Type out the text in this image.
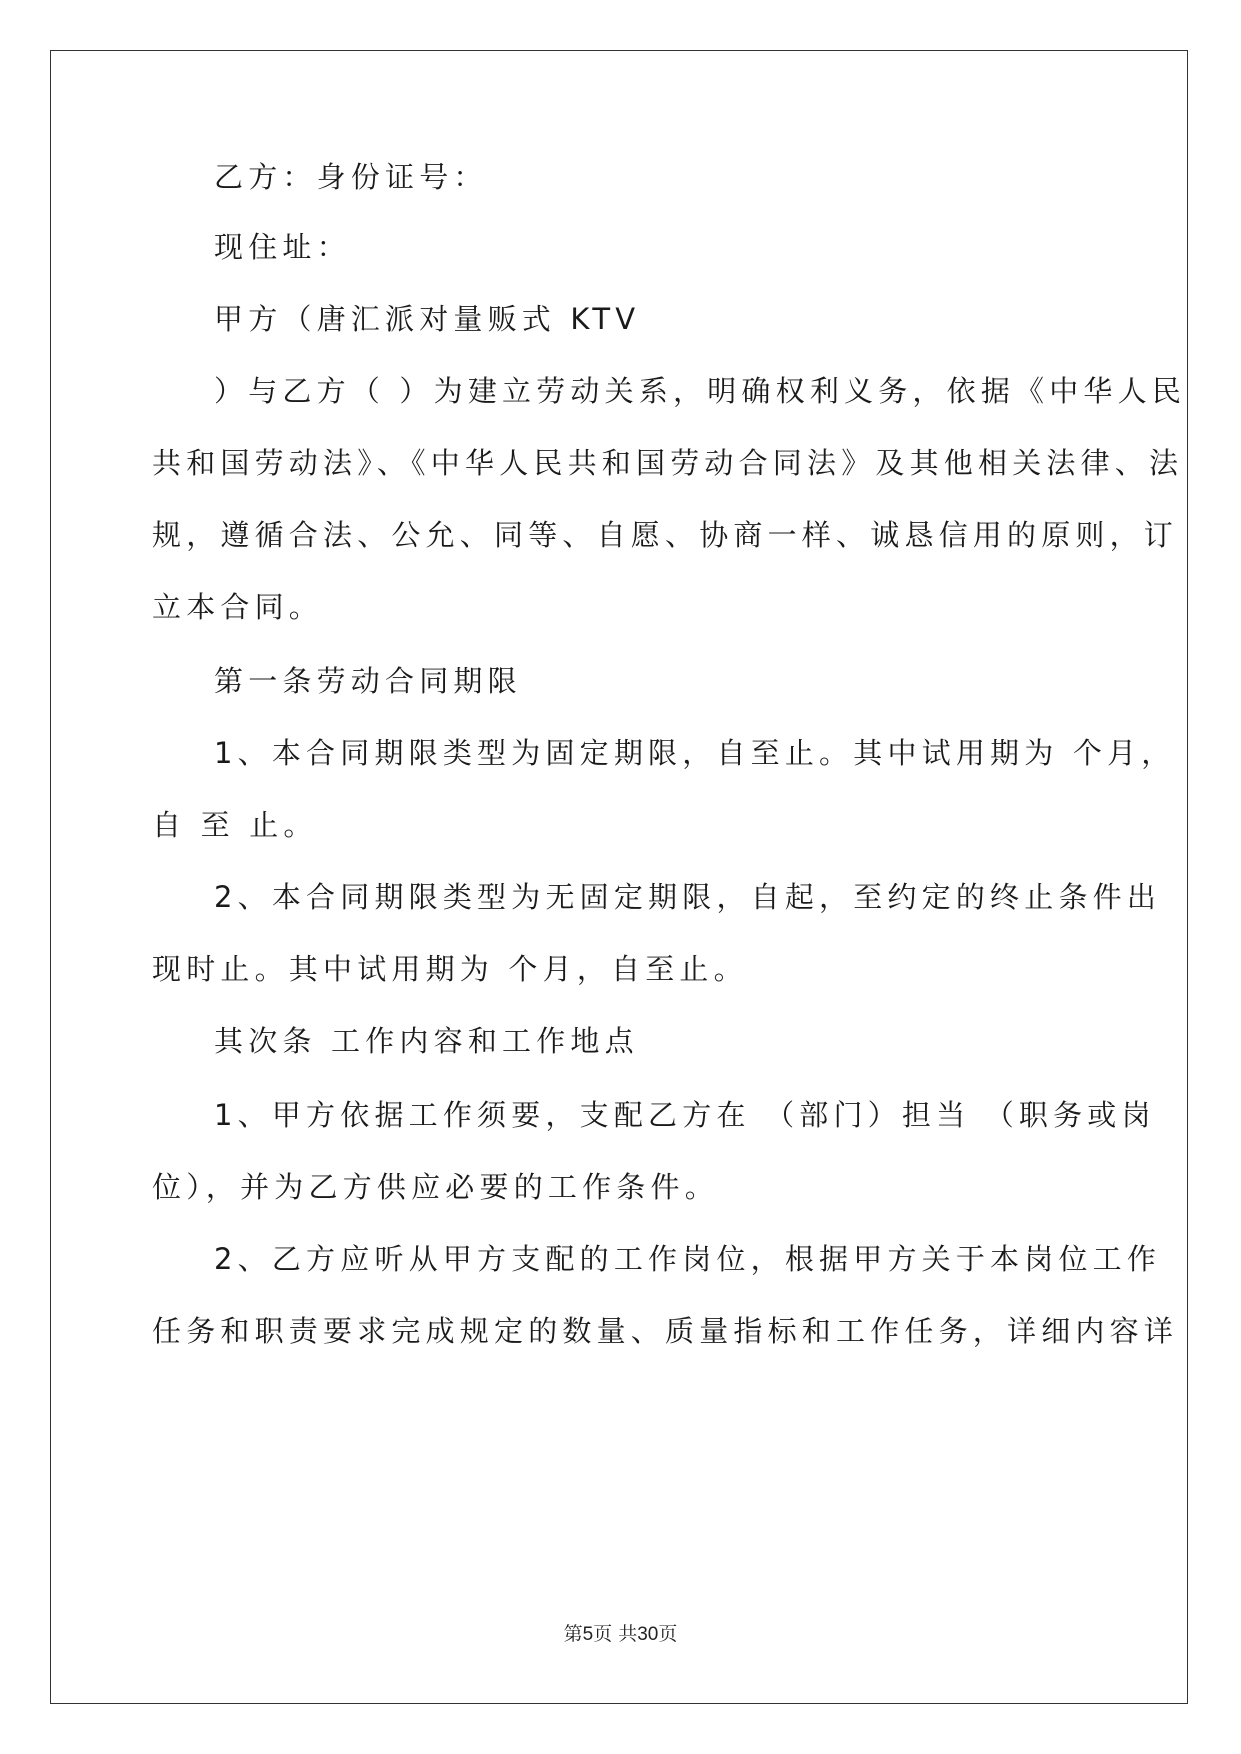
乙方：身份证号：
现住址：
甲方（唐汇派对量贩式 KTV
）与乙方（ ）为建立劳动关系，明确权利义务，依据《中华人民
共和国劳动法》、《中华人民共和国劳动合同法》及其他相关法律、法
规，遵循合法、公允、同等、自愿、协商一样、诚恳信用的原则，订
立本合同。
第一条劳动合同期限
1、本合同期限类型为固定期限，自至止。其中试用期为 个月，
自 至 止。
2、本合同期限类型为无固定期限，自起，至约定的终止条件出
现时止。其中试用期为 个月，自至止。
其次条 工作内容和工作地点
1、甲方依据工作须要，支配乙方在 （部门）担当 （职务或岗
位），并为乙方供应必要的工作条件。
2、乙方应听从甲方支配的工作岗位，根据甲方关于本岗位工作
任务和职责要求完成规定的数量、质量指标和工作任务，详细内容详
第5页 共30页
